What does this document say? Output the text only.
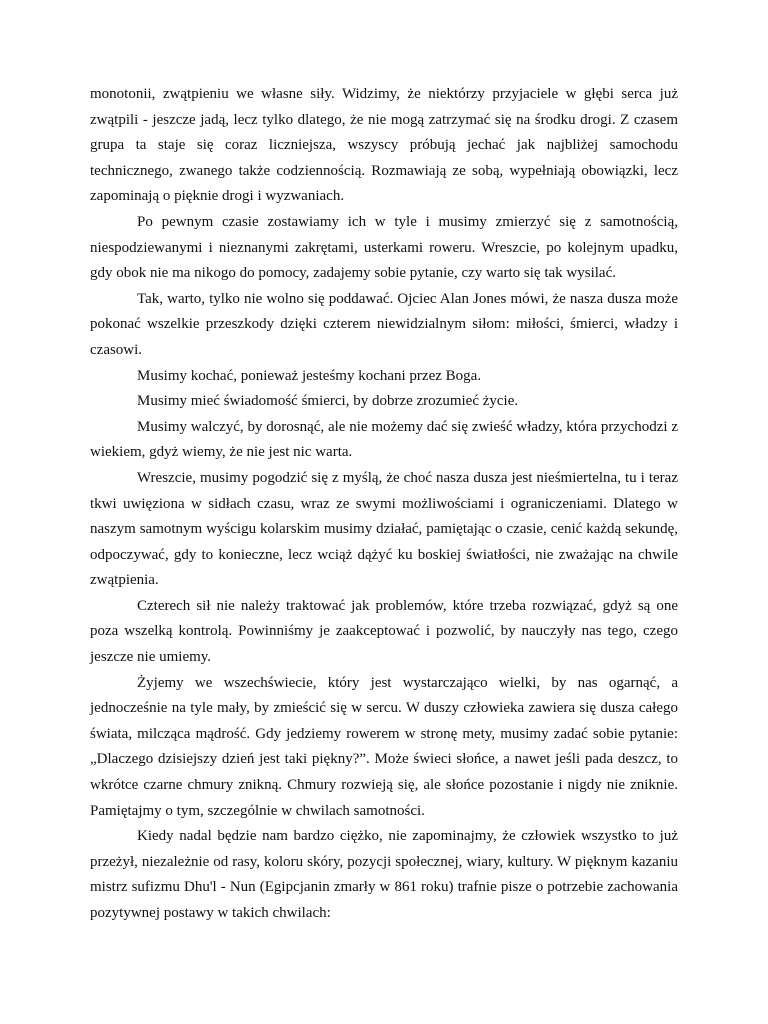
monotonii, zwątpieniu we własne siły. Widzimy, że niektórzy przyjaciele w głębi serca już zwątpili - jeszcze jadą, lecz tylko dlatego, że nie mogą zatrzymać się na środku drogi. Z czasem grupa ta staje się coraz liczniejsza, wszyscy próbują jechać jak najbliżej samochodu technicznego, zwanego także codziennością. Rozmawiają ze sobą, wypełniają obowiązki, lecz zapominają o pięknie drogi i wyzwaniach.

Po pewnym czasie zostawiamy ich w tyle i musimy zmierzyć się z samotnością, niespodziewanymi i nieznanymi zakrętami, usterkami roweru. Wreszcie, po kolejnym upadku, gdy obok nie ma nikogo do pomocy, zadajemy sobie pytanie, czy warto się tak wysilać.

Tak, warto, tylko nie wolno się poddawać. Ojciec Alan Jones mówi, że nasza dusza może pokonać wszelkie przeszkody dzięki czterem niewidzialnym siłom: miłości, śmierci, władzy i czasowi.

Musimy kochać, ponieważ jesteśmy kochani przez Boga.

Musimy mieć świadomość śmierci, by dobrze zrozumieć życie.

Musimy walczyć, by dorosnąć, ale nie możemy dać się zwieść władzy, która przychodzi z wiekiem, gdyż wiemy, że nie jest nic warta.

Wreszcie, musimy pogodzić się z myślą, że choć nasza dusza jest nieśmiertelna, tu i teraz tkwi uwięziona w sidłach czasu, wraz ze swymi możliwościami i ograniczeniami. Dlatego w naszym samotnym wyścigu kolarskim musimy działać, pamiętając o czasie, cenić każdą sekundę, odpoczywać, gdy to konieczne, lecz wciąż dążyć ku boskiej światłości, nie zważając na chwile zwątpienia.

Czterech sił nie należy traktować jak problemów, które trzeba rozwiązać, gdyż są one poza wszelką kontrolą. Powinniśmy je zaakceptować i pozwolić, by nauczyły nas tego, czego jeszcze nie umiemy.

Żyjemy we wszechświecie, który jest wystarczająco wielki, by nas ogarnąć, a jednocześnie na tyle mały, by zmieścić się w sercu. W duszy człowieka zawiera się dusza całego świata, milcząca mądrość. Gdy jedziemy rowerem w stronę mety, musimy zadać sobie pytanie: „Dlaczego dzisiejszy dzień jest taki piękny?”. Może świeci słońce, a nawet jeśli pada deszcz, to wkrótce czarne chmury znikną. Chmury rozwieją się, ale słońce pozostanie i nigdy nie zniknie. Pamiętajmy o tym, szczególnie w chwilach samotności.

Kiedy nadal będzie nam bardzo ciężko, nie zapominajmy, że człowiek wszystko to już przeżył, niezależnie od rasy, koloru skóry, pozycji społecznej, wiary, kultury. W pięknym kazaniu mistrz sufizmu Dhu'l - Nun (Egipcjanin zmarły w 861 roku) trafnie pisze o potrzebie zachowania pozytywnej postawy w takich chwilach:
